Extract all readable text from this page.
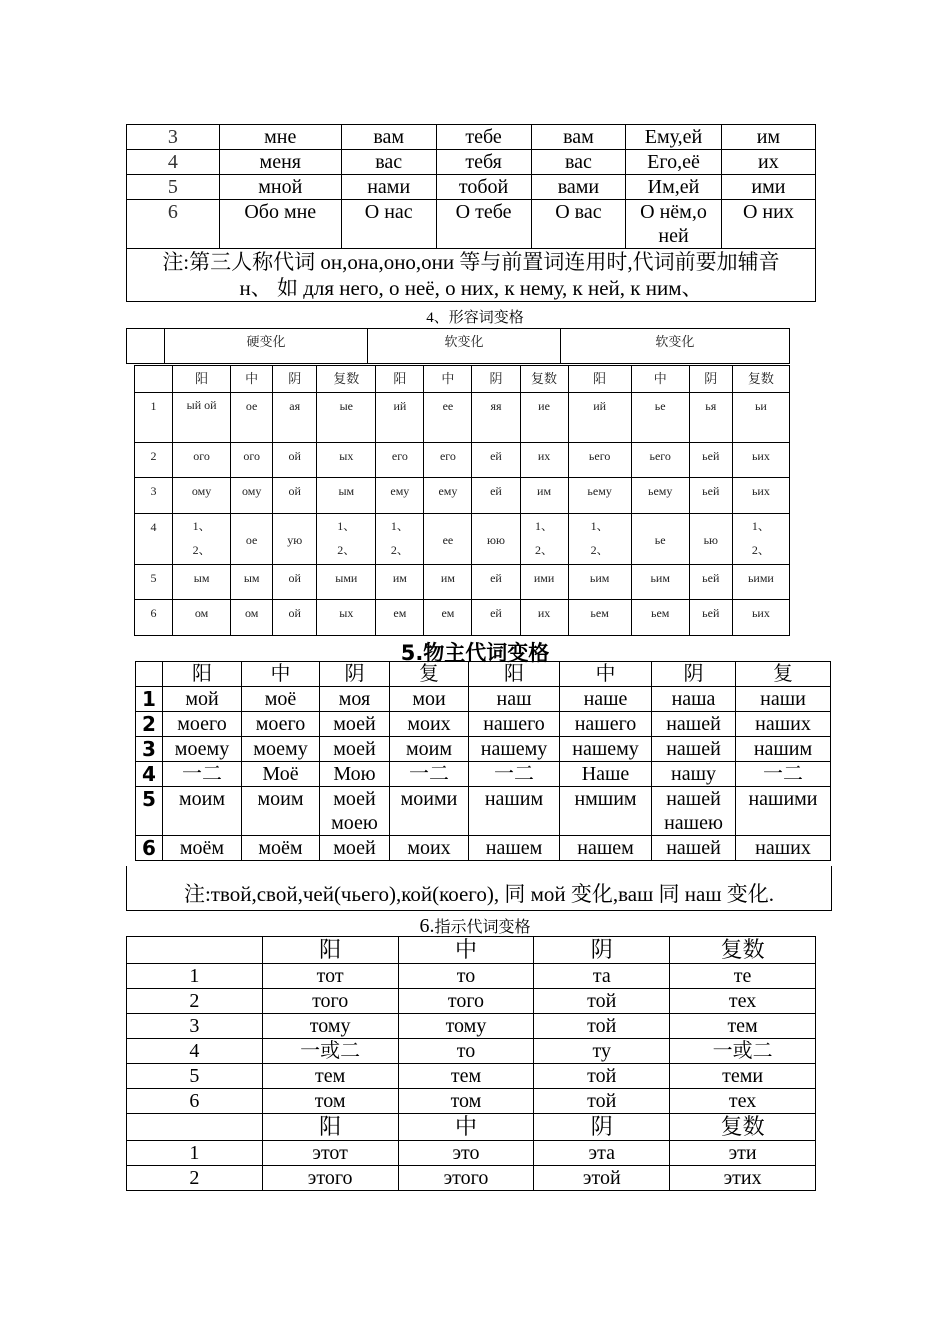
3	мне	вам	тебе	вам	Ему,ей	им
4	меня	вас	тебя	вас	Его,её	их
5	мной	нами	тобой	вами	Им,ей	ими
6	Обо мне	О нас	О тебе	О вас	О нём,о ней	О них

注:第三人称代词 он,она,оно,они 等与前置词连用时,代词前要加辅音
н、 如 для него, о неё, о них, к нему, к ней, к ним、						
4、形容词变格
	硬变化	软变化	软变化
	阳	中	阴	复数	阳	中	阴	复数	阳	中	阴	复数
1	ый ой	ое	ая	ые	ий	ее	яя	ие	ий	ье	ья	ьи
2	ого	ого	ой	ых	его	его	ей	их	ьего	ьего	ьей	ьих
3	ому	ому	ой	ым	ему	ему	ей	им	ьему	ьему	ьей	ьих
4	1、2、	ое	ую	1、2、	1、2、	ее	юю	1、2、	1、2、	ье	ью	1、2、
5	ым	ым	ой	ыми	им	им	ей	ими	ьим	ьим	ьей	ьими
6	ом	ом	ой	ых	ем	ем	ей	их	ьем	ьем	ьей	ьих
5.物主代词变格
	阳	中	阴	复	阳	中	阴	复
1	мой	моё	моя	мои	наш	наше	наша	наши
2	моего	моего	моей	моих	нашего	нашего	нашей	наших
3	моему	моему	моей	моим	нашему	нашему	нашей	нашим
4	一二	Моё	Мою	一二	一二	Наше	нашу	一二
5	моим	моим	моей моею	моими	нашим	нмшим	нашей нашею	нашими
6	моём	моём	моей	моих	нашем	нашем	нашей	наших
注:твой,свой,чей(чьего),кой(коего), 同 мой 变化,ваш 同 наш 变化.
6.指示代词变格
	阳	中	阴	复数
1	тот	то	та	те
2	того	того	той	тех
3	тому	тому	той	тем
4	一或二	то	ту	一或二
5	тем	тем	той	теми
6	том	том	той	тех
	阳	中	阴	复数
1	этот	это	эта	эти
2	этого	этого	этой	этих
